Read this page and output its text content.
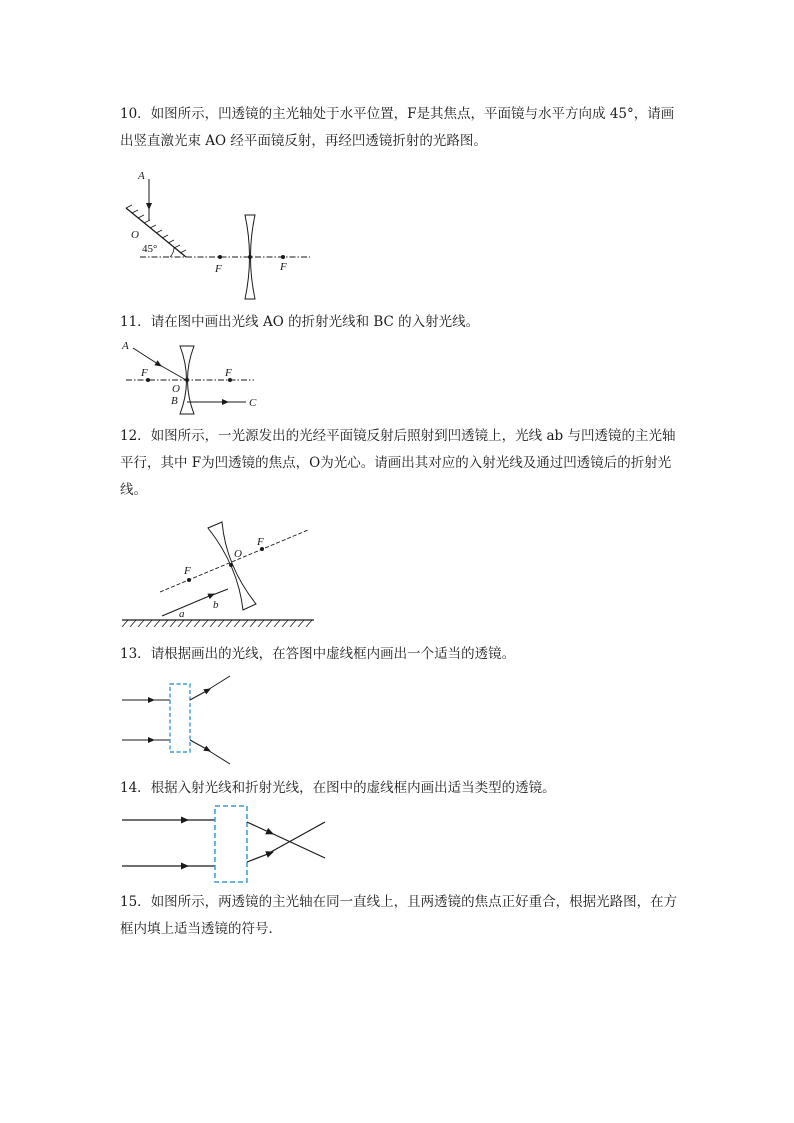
10．如图所示，凹透镜的主光轴处于水平位置，F是其焦点，平面镜与水平方向成 45°，请画出竖直激光束 AO 经平面镜反射，再经凹透镜折射的光路图。
A
O
45°
F	F
11．请在图中画出光线 AO 的折射光线和 BC 的入射光线。
A
F
O
B
F
C
12．如图所示，一光源发出的光经平面镜反射后照射到凹透镜上，光线 ab 与凹透镜的主光轴平行，其中 F为凹透镜的焦点，O为光心。请画出其对应的入射光线及通过凹透镜后的折射光线。
F
O
F
a
b
13．请根据画出的光线，在答图中虚线框内画出一个适当的透镜。
14．根据入射光线和折射光线，在图中的虚线框内画出适当类型的透镜。
15．如图所示，两透镜的主光轴在同一直线上，且两透镜的焦点正好重合，根据光路图，在方框内填上适当透镜的符号．
